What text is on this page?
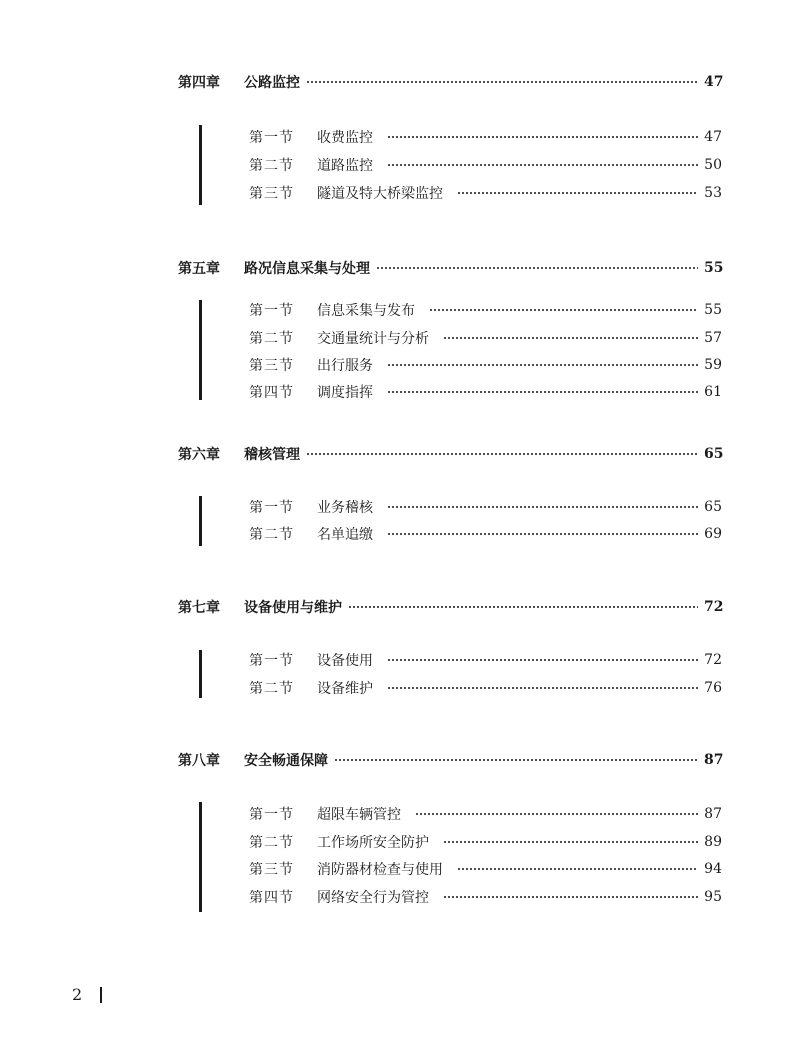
第四章	公路监控	47
第一节	收费监控	47
第二节	道路监控	50
第三节	隧道及特大桥梁监控	53
第五章	路况信息采集与处理	55
第一节	信息采集与发布	55
第二节	交通量统计与分析	57
第三节	出行服务	59
第四节	调度指挥	61
第六章	稽核管理	65
第一节	业务稽核	65
第二节	名单追缴	69
第七章	设备使用与维护	72
第一节	设备使用	72
第二节	设备维护	76
第八章	安全畅通保障	87
第一节	超限车辆管控	87
第二节	工作场所安全防护	89
第三节	消防器材检查与使用	94
第四节	网络安全行为管控	95
2
